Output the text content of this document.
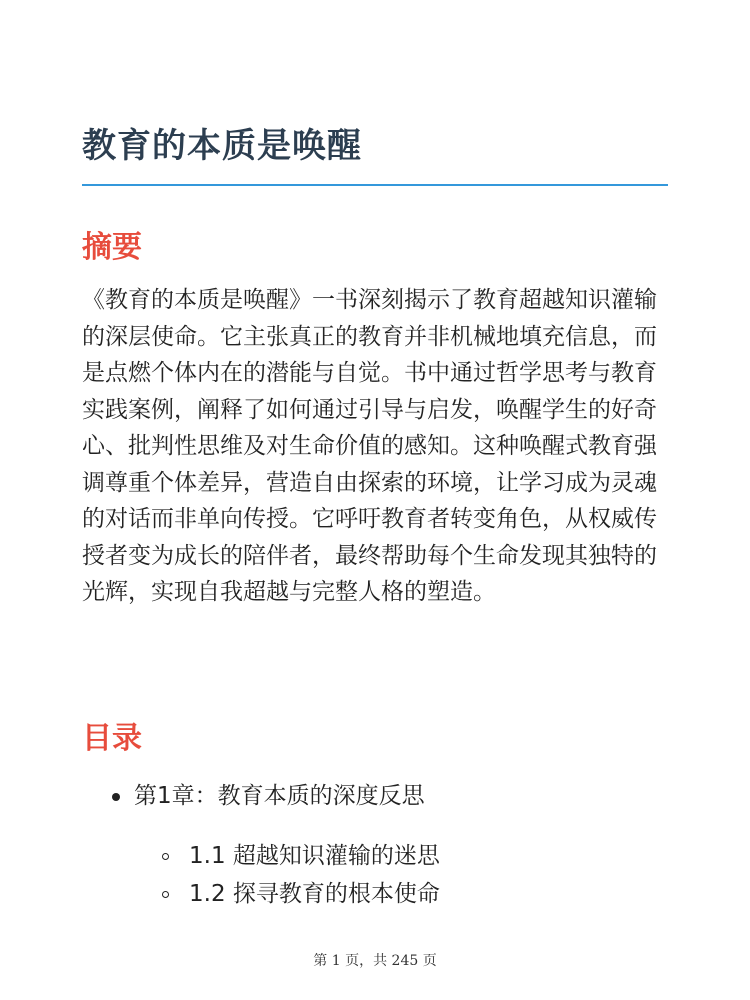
教育的本质是唤醒
摘要

《教育的本质是唤醒》一书深刻揭示了教育超越知识灌输的深层使命。它主张真正的教育并非机械地填充信息，而是点燃个体内在的潜能与自觉。书中通过哲学思考与教育实践案例，阐释了如何通过引导与启发，唤醒学生的好奇心、批判性思维及对生命价值的感知。这种唤醒式教育强调尊重个体差异，营造自由探索的环境，让学习成为灵魂的对话而非单向传授。它呼吁教育者转变角色，从权威传授者变为成长的陪伴者，最终帮助每个生命发现其独特的光辉，实现自我超越与完整人格的塑造。

目录
第1章：教育本质的深度反思
1.1 超越知识灌输的迷思
1.2 探寻教育的根本使命
第 1 页，共 245 页
